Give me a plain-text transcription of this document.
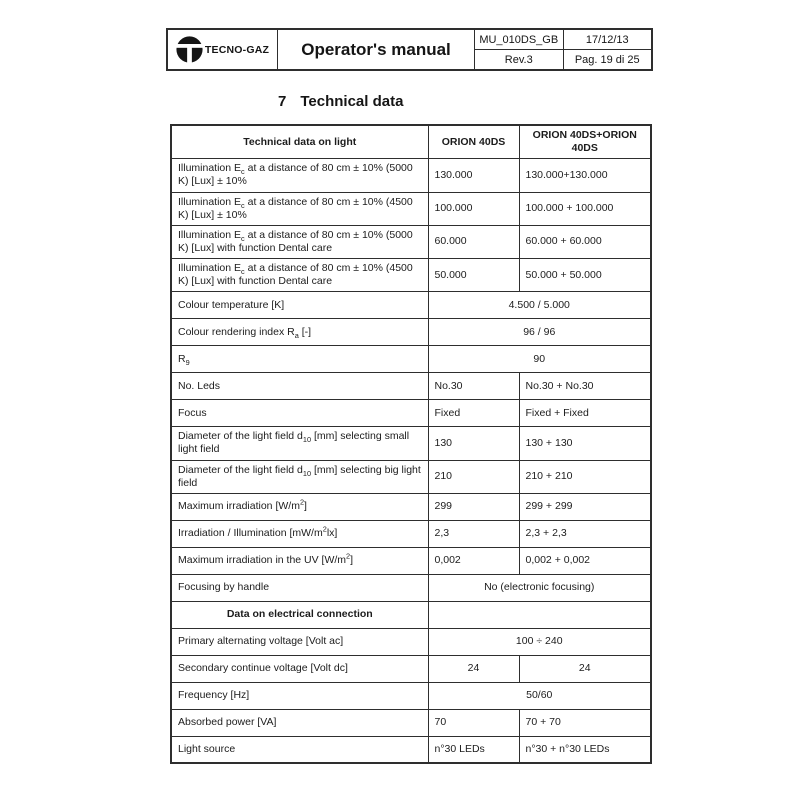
TECNO-GAZ Operator's manual	MU_010DS_GB	17/12/13
Rev.3	Pag. 19 di 25
7 Technical data
Technical data on light	ORION 40DS	ORION 40DS+ORION 40DS
Illumination $E_c$ at a distance of 80 cm ± 10% (5000 K) [Lux] ± 10%	130.000	130.000+130.000
Illumination $E_c$ at a distance of 80 cm ± 10% (4500 K) [Lux] ± 10%	100.000	100.000 + 100.000
Illumination $E_c$ at a distance of 80 cm ± 10% (5000 K) [Lux] with function Dental care	60.000	60.000 + 60.000
Illumination $E_c$ at a distance of 80 cm ± 10% (4500 K) [Lux] with function Dental care	50.000	50.000 + 50.000
Colour temperature [K]	4.500 / 5.000	
Colour rendering index $R_a$ [-]	96 / 96	
$R_9$	90	
No. Leds	No.30	No.30 + No.30
Focus	Fixed	Fixed + Fixed
Diameter of the light field $d_{10}$ [mm] selecting small light field	130	130 + 130
Diameter of the light field $d_{10}$ [mm] selecting big light field	210	210 + 210
Maximum irradiation $[W/m^2]$	299	299 + 299
Irradiation / Illumination $[mW/m^2lx]$	2,3	2,3 + 2,3
Maximum irradiation in the UV $[W/m^2]$	0,002	0,002 + 0,002
Focusing by handle	No (electronic focusing)	
Data on electrical connection		
Primary alternating voltage [Volt ac]	100 ÷ 240	
Secondary continue voltage [Volt dc]	24	24
Frequency [Hz]	50/60	
Absorbed power [VA]	70	70 + 70
Light source	n°30 LEDs	n°30 + n°30 LEDs
